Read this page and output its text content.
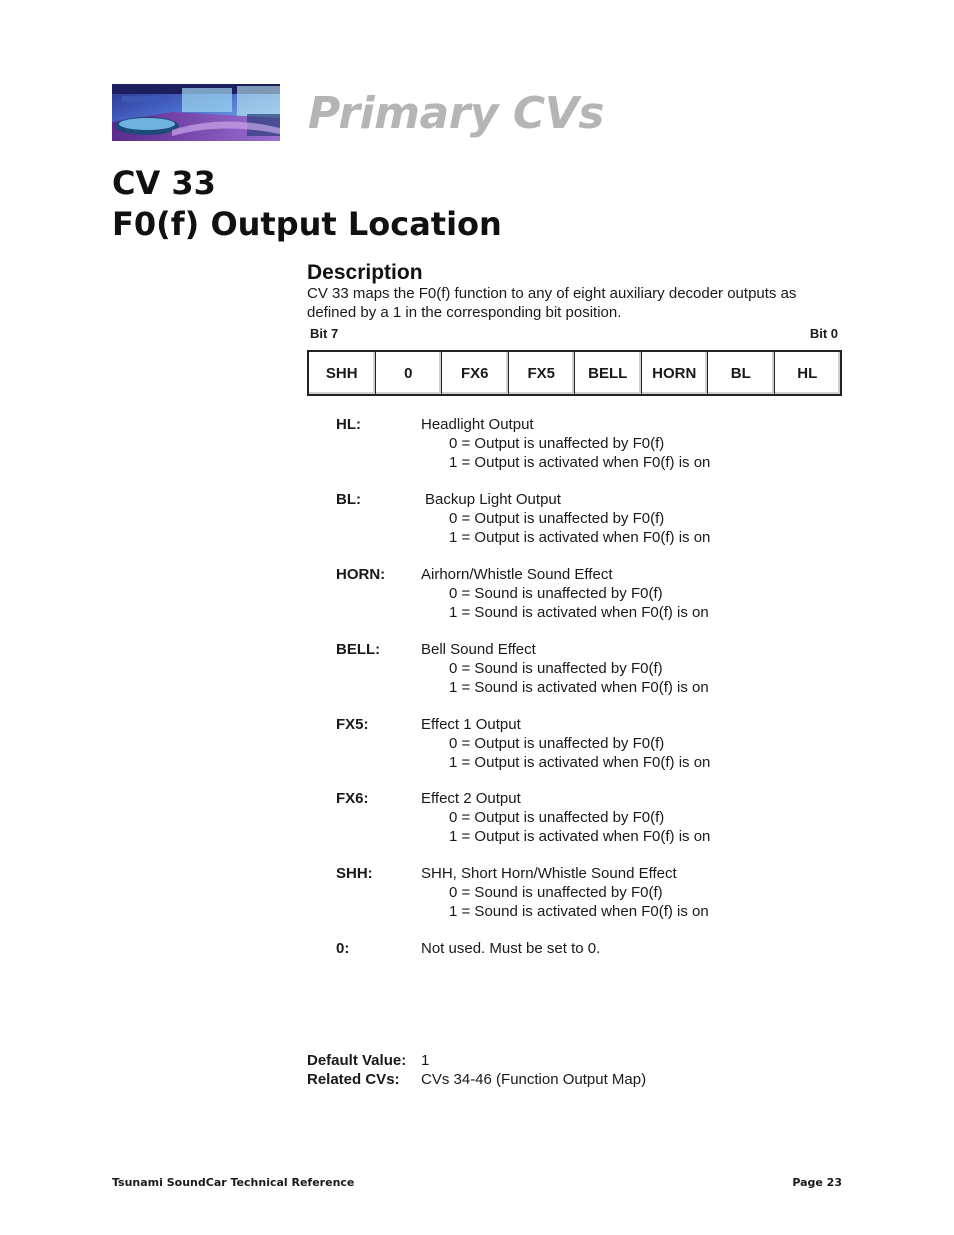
Primary CVs
CV 33
F0(f) Output Location
Description

CV 33 maps the F0(f) function to any of eight auxiliary decoder outputs as defined by a 1 in the corresponding bit position.

Bit 7	Bit 0
SHH	0	FX6	FX5	BELL	HORN	BL	HL
HL:	Headlight Output
0 = Output is unaffected by F0(f)
1 = Output is activated when F0(f) is on
BL:	Backup Light Output
0 = Output is unaffected by F0(f)
1 = Output is activated when F0(f) is on
HORN: Airhorn/Whistle Sound Effect
0 = Sound is unaffected by F0(f)
1 = Sound is activated when F0(f) is on
BELL:	Bell Sound Effect
0 = Sound is unaffected by F0(f)
1 = Sound is activated when F0(f) is on
FX5:	Effect 1 Output
0 = Output is unaffected by F0(f)
1 = Output is activated when F0(f) is on
FX6:	Effect 2 Output
0 = Output is unaffected by F0(f)
1 = Output is activated when F0(f) is on
SHH:	SHH, Short Horn/Whistle Sound Effect
0 = Sound is unaffected by F0(f)
1 = Sound is activated when F0(f) is on
0:	Not used. Must be set to 0.
Default Value: 1
Related CVs: CVs 34-46 (Function Output Map)
Tsunami SoundCar Technical Reference	Page 23
